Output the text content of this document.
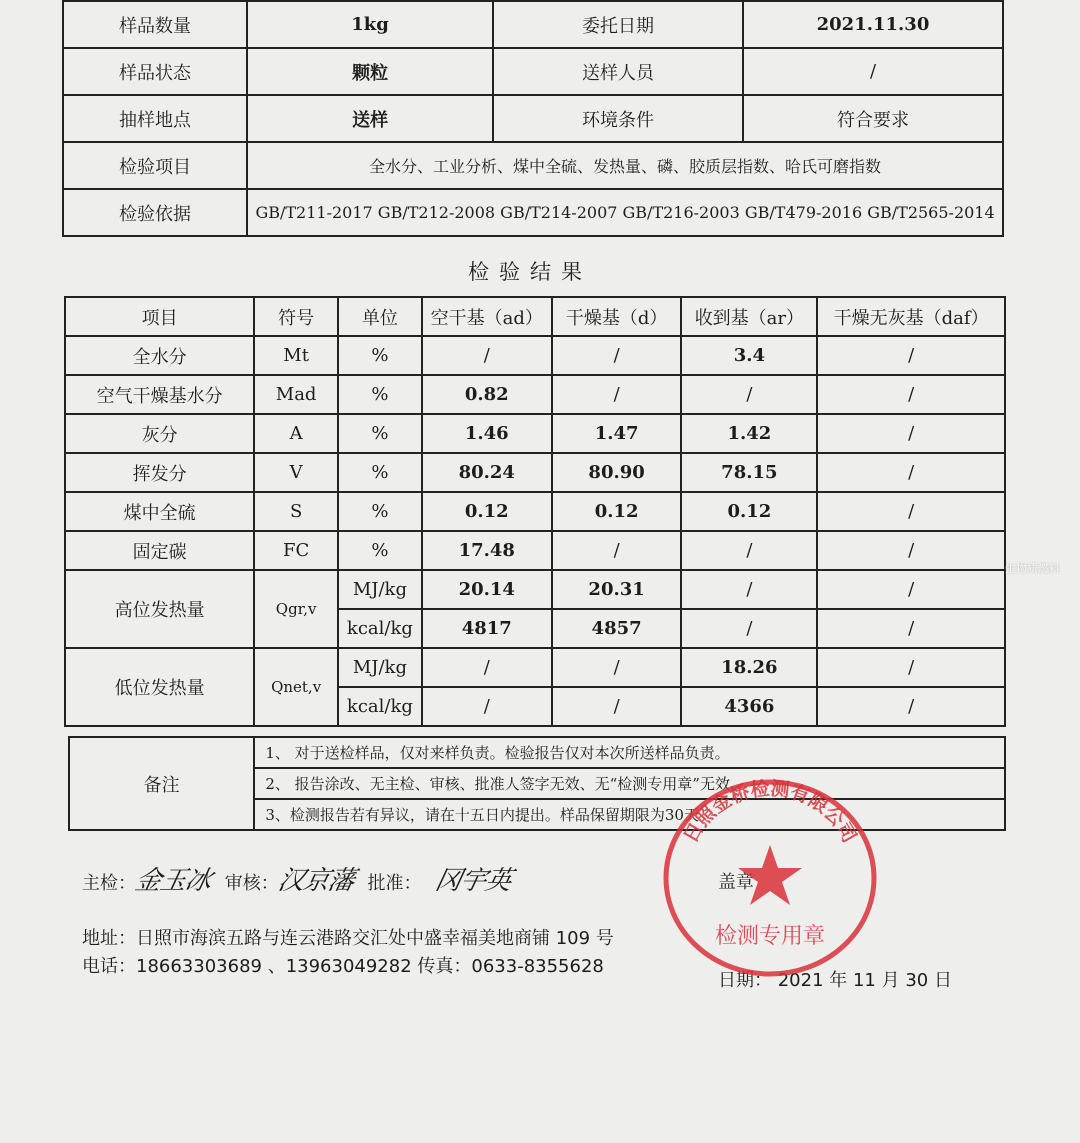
样品数量	1kg	委托日期	2021.11.30
样品状态	颗粒	送样人员	/
抽样地点	送样	环境条件	符合要求
检验项目	全水分、工业分析、煤中全硫、发热量、磷、胶质层指数、哈氏可磨指数		
检验依据	GB/T211-2017 GB/T212-2008 GB/T214-2007 GB/T216-2003 GB/T479-2016 GB/T2565-2014		
检验结果
项目	符号	单位	空干基（ad）	干燥基（d）	收到基（ar）	干燥无灰基（daf）
全水分	Mt	%	/	/	3.4	/
空气干燥基水分	Mad	%	0.82	/	/	/
灰分	A	%	1.46	1.47	1.42	/
挥发分	V	%	80.24	80.90	78.15	/
煤中全硫	S	%	0.12	0.12	0.12	/
固定碳	FC	%	17.48	/	/	/
高位发热量	Qgr,v	MJ/kg	20.14	20.31	/	/
		kcal/kg	4817	4857	/	/
低位发热量	Qnet,v	MJ/kg	/	/	18.26	/
		kcal/kg	/	/	4366	/
备注	1、 对于送检样品，仅对来样负责。检验报告仅对本次所送样品负责。
2、 报告涂改、无主检、审核、批准人签字无效、无“检测专用章”无效
3、检测报告若有异议，请在十五日内提出。样品保留期限为30天
主检：金玉冰 审核：汉京藩 批准： 冈宇英
地址：日照市海滨五路与连云港路交汇处中盛幸福美地商铺 109 号
电话：18663303689 、13963049282 传真：0633-8355628
盖章
日期： 2021 年 11 月 30 日
日照金桥检测有限公司
检测专用章
生物质燃料
